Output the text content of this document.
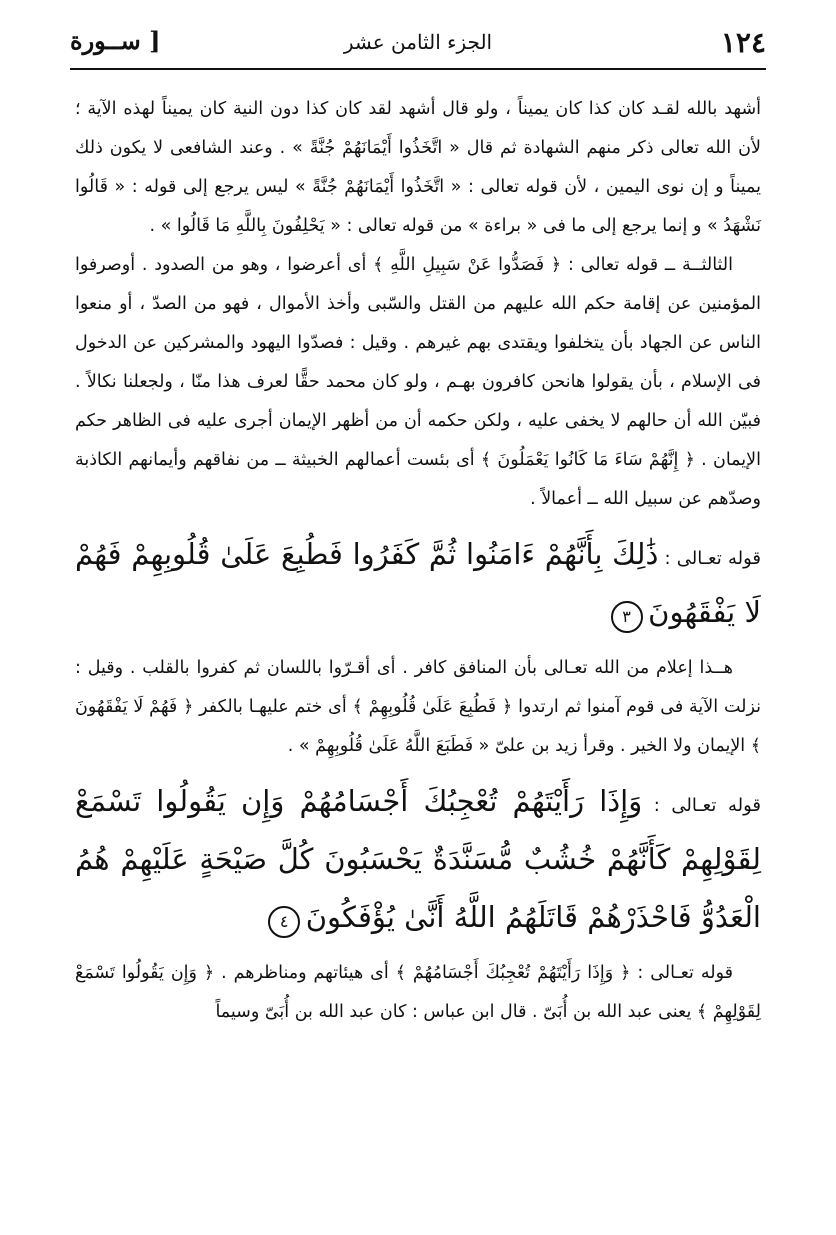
١٢٤
الجزء الثامن عشر
[ ســورة

أشهد بالله لقـد كان كذا كان يميناً ، ولو قال أشهد لقد كان كذا دون النية كان يميناً لهذه الآية ؛ لأن الله تعالى ذكر منهم الشهادة ثم قال « اتَّخَذُوا أَيْمَانَهُمْ جُنَّةً » . وعند الشافعى لا يكون ذلك يميناً و إن نوى اليمين ، لأن قوله تعالى : « اتَّخَذُوا أَيْمَانَهُمْ جُنَّةً » ليس يرجع إلى قوله : « قَالُوا نَشْهَدُ » و إنما يرجع إلى ما فى « براءة » من قوله تعالى : « يَحْلِفُونَ بِاللَّهِ مَا قَالُوا » .

الثالثــة ــ قوله تعالى : ﴿ فَصَدُّوا عَنْ سَبِيلِ اللَّهِ ﴾ أى أعرضوا ، وهو من الصدود . أوصرفوا المؤمنين عن إقامة حكم الله عليهم من القتل والسّبى وأخذ الأموال ، فهو من الصدّ ، أو منعوا الناس عن الجهاد بأن يتخلفوا ويقتدى بهم غيرهم . وقيل : فصدّوا اليهود والمشركين عن الدخول فى الإسلام ، بأن يقولوا هانحن كافرون بهـم ، ولو كان محمد حقًّا لعرف هذا منّا ، ولجعلنا نكالاً . فبيّن الله أن حالهم لا يخفى عليه ، ولكن حكمه أن من أظهر الإيمان أجرى عليه فى الظاهر حكم الإيمان . ﴿ إِنَّهُمْ سَاءَ مَا كَانُوا يَعْمَلُونَ ﴾ أى بئست أعمالهم الخبيثة ــ من نفاقهم وأيمانهم الكاذبة وصدّهم عن سبيل الله ــ أعمالاً .

قوله تعـالى : ذَٰلِكَ بِأَنَّهُمْ ءَامَنُوا ثُمَّ كَفَرُوا فَطُبِعَ عَلَىٰ قُلُوبِهِمْ فَهُمْ لَا يَفْقَهُونَ ٣

هــذا إعلام من الله تعـالى بأن المنافق كافر . أى أقـرّوا باللسان ثم كفروا بالقلب . وقيل : نزلت الآية فى قوم آمنوا ثم ارتدوا ﴿ فَطُبِعَ عَلَىٰ قُلُوبِهِمْ ﴾ أى ختم عليهـا بالكفر ﴿ فَهُمْ لَا يَفْقَهُونَ ﴾ الإيمان ولا الخير . وقرأ زيد بن علىّ « فَطَبَعَ اللَّهُ عَلَىٰ قُلُوبِهِمْ » .

قوله تعـالى : وَإِذَا رَأَيْتَهُمْ تُعْجِبُكَ أَجْسَامُهُمْ وَإِن يَقُولُوا تَسْمَعْ لِقَوْلِهِمْ كَأَنَّهُمْ خُشُبٌ مُّسَنَّدَةٌ يَحْسَبُونَ كُلَّ صَيْحَةٍ عَلَيْهِمْ هُمُ الْعَدُوُّ فَاحْذَرْهُمْ قَاتَلَهُمُ اللَّهُ أَنَّىٰ يُؤْفَكُونَ ٤

قوله تعـالى : ﴿ وَإِذَا رَأَيْتَهُمْ تُعْجِبُكَ أَجْسَامُهُمْ ﴾ أى هيئاتهم ومناظرهم . ﴿ وَإِن يَقُولُوا تَسْمَعْ لِقَوْلِهِمْ ﴾ يعنى عبد الله بن أُبَىّ . قال ابن عباس : كان عبد الله بن أُبَىّ وسيماً
